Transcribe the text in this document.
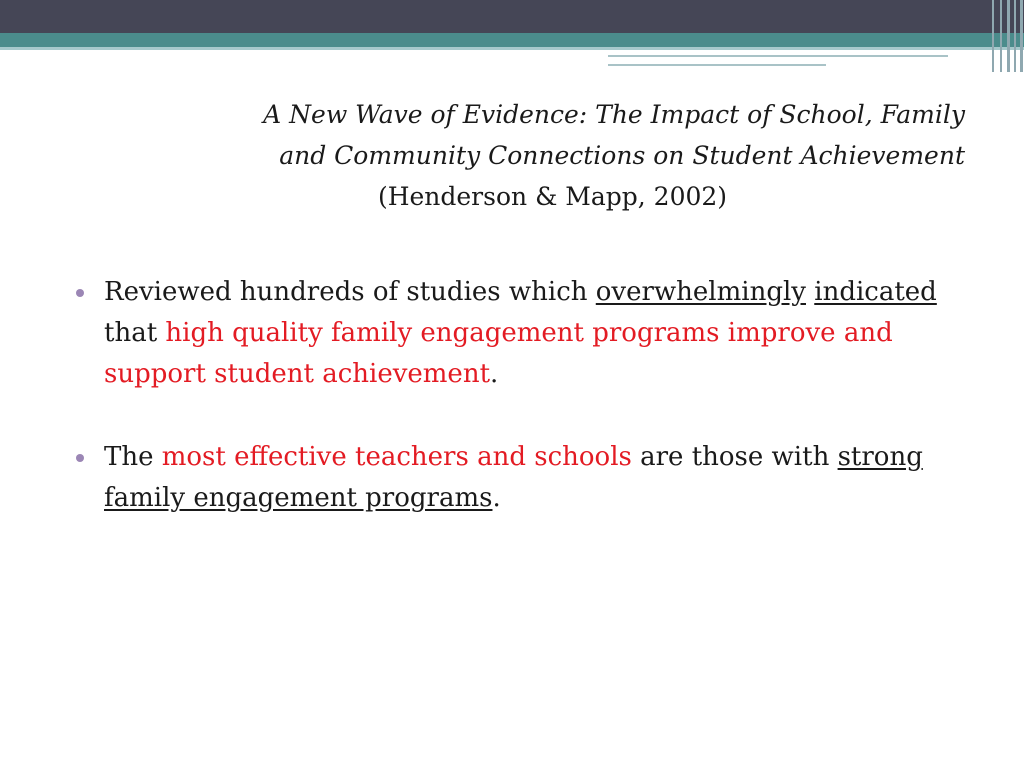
A New Wave of Evidence: The Impact of School, Family
and Community Connections on Student Achievement
(Henderson & Mapp, 2002)
Reviewed hundreds of studies which overwhelmingly indicated that high quality family engagement programs improve and support student achievement.
The most effective teachers and schools are those with strong family engagement programs.
